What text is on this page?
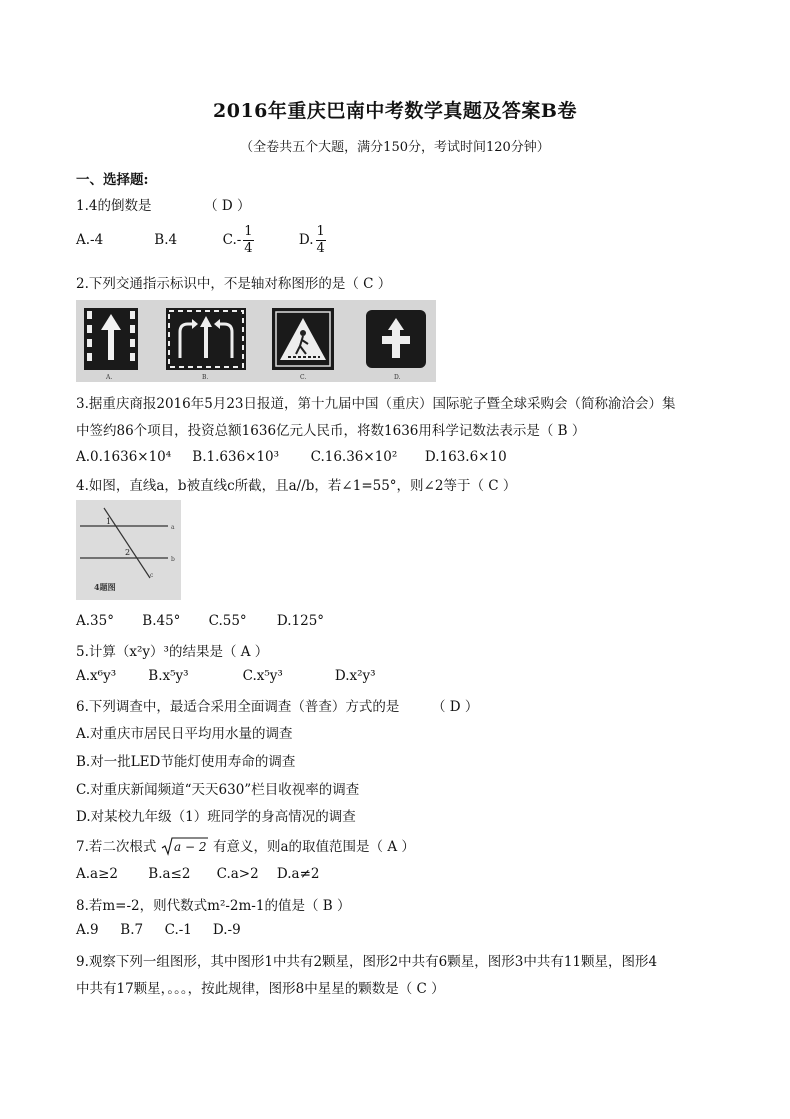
2016年重庆巴南中考数学真题及答案B卷
（全卷共五个大题，满分150分，考试时间120分钟）
一、选择题:
1.4的倒数是	（ D ）
A.-4	B.4	$C.- \frac{1}{4}$	D. $\frac{1}{4}$
2.下列交通指示标识中，不是轴对称图形的是（ C ）
A.	B.	C.	D.
3.据重庆商报2016年5月23日报道，第十九届中国（重庆）国际驼子暨全球采购会（简称渝洽会）集
中签约86个项目，投资总额1636亿元人民币，将数1636用科学记数法表示是（ B ）
A.0.1636×10⁴ B.1.636×10³ C.16.36×10² D.163.6×10
4.如图，直线a，b被直线c所截，且a//b，若∠1=55°，则∠2等于（ C ）
1
2
a
b
c
4题图
A.35° B.45° C.55° D.125°
5.计算（x²y）³的结果是（ A ）
A.x⁶y³ B.x⁵y³	C.x⁵y³	D.x²y³
6.下列调查中，最适合采用全面调查（普查）方式的是 （ D ）
A.对重庆市居民日平均用水量的调查
B.对一批LED节能灯使用寿命的调查
C.对重庆新闻频道“天天630”栏目收视率的调查
D.对某校九年级（1）班同学的身高情况的调查
7.若二次根式 a − 2 有意义，则a的取值范围是（ A ）
A.a≥2 B.a≤2 C.a>2 D.a≠2
8.若m=-2，则代数式m²-2m-1的值是（ B ）
A.9 B.7 C.-1 D.-9
9.观察下列一组图形，其中图形1中共有2颗星，图形2中共有6颗星，图形3中共有11颗星，图形4
中共有17颗星，。。。，按此规律，图形8中星星的颗数是（ C ）
